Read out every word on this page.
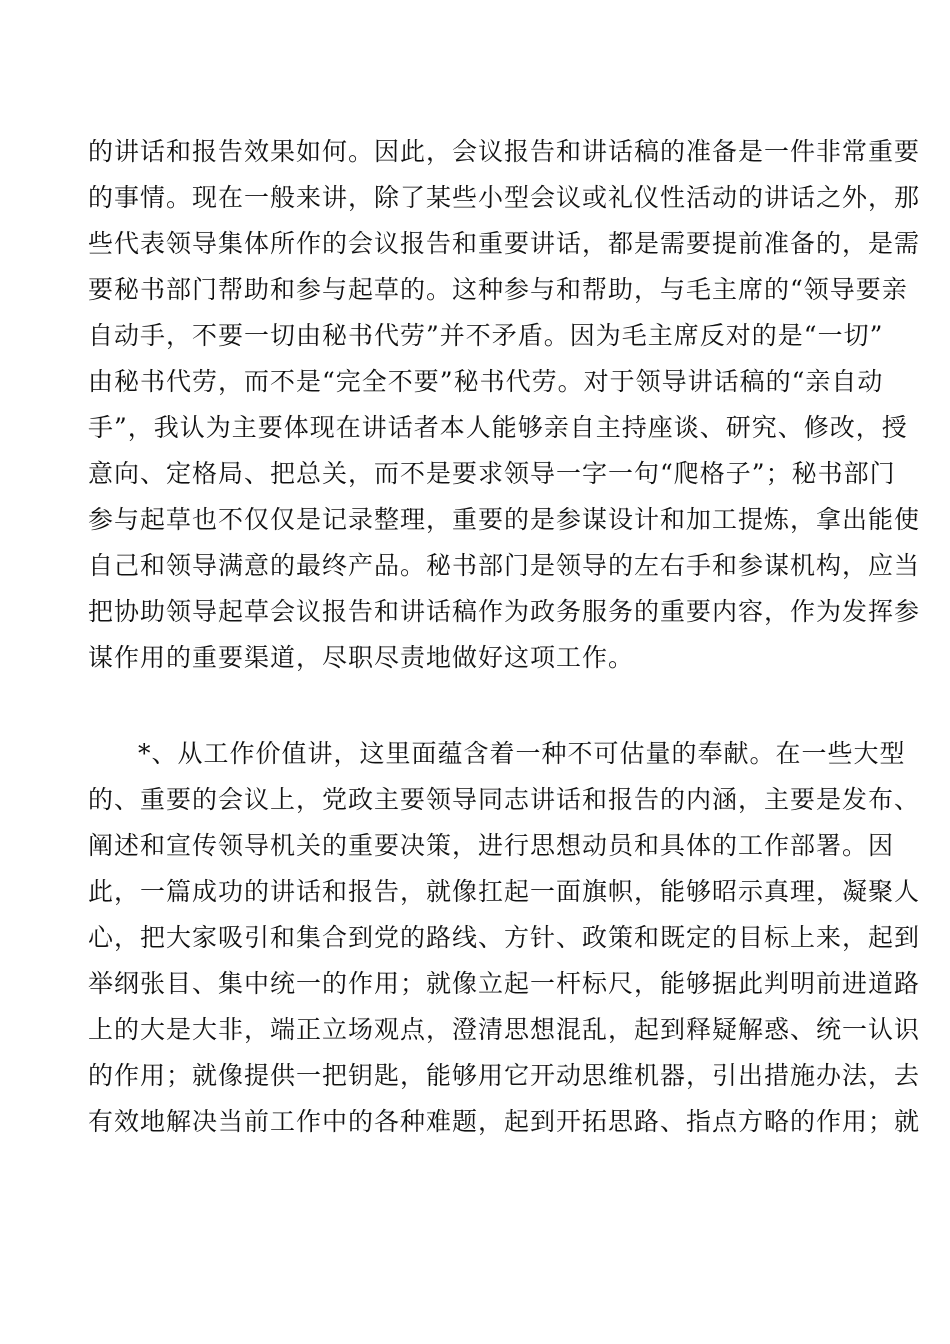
的讲话和报告效果如何。因此，会议报告和讲话稿的准备是一件非常重要
的事情。现在一般来讲，除了某些小型会议或礼仪性活动的讲话之外，那
些代表领导集体所作的会议报告和重要讲话，都是需要提前准备的，是需
要秘书部门帮助和参与起草的。这种参与和帮助，与毛主席的“领导要亲
自动手，不要一切由秘书代劳”并不矛盾。因为毛主席反对的是“一切”
由秘书代劳，而不是“完全不要”秘书代劳。对于领导讲话稿的“亲自动
手”，我认为主要体现在讲话者本人能够亲自主持座谈、研究、修改，授
意向、定格局、把总关，而不是要求领导一字一句“爬格子”；秘书部门
参与起草也不仅仅是记录整理，重要的是参谋设计和加工提炼，拿出能使
自己和领导满意的最终产品。秘书部门是领导的左右手和参谋机构，应当
把协助领导起草会议报告和讲话稿作为政务服务的重要内容，作为发挥参
谋作用的重要渠道，尽职尽责地做好这项工作。
*、从工作价值讲，这里面蕴含着一种不可估量的奉献。在一些大型
的、重要的会议上，党政主要领导同志讲话和报告的内涵，主要是发布、
阐述和宣传领导机关的重要决策，进行思想动员和具体的工作部署。因
此，一篇成功的讲话和报告，就像扛起一面旗帜，能够昭示真理，凝聚人
心，把大家吸引和集合到党的路线、方针、政策和既定的目标上来，起到
举纲张目、集中统一的作用；就像立起一杆标尺，能够据此判明前进道路
上的大是大非，端正立场观点，澄清思想混乱，起到释疑解惑、统一认识
的作用；就像提供一把钥匙，能够用它开动思维机器，引出措施办法，去
有效地解决当前工作中的各种难题，起到开拓思路、指点方略的作用；就
